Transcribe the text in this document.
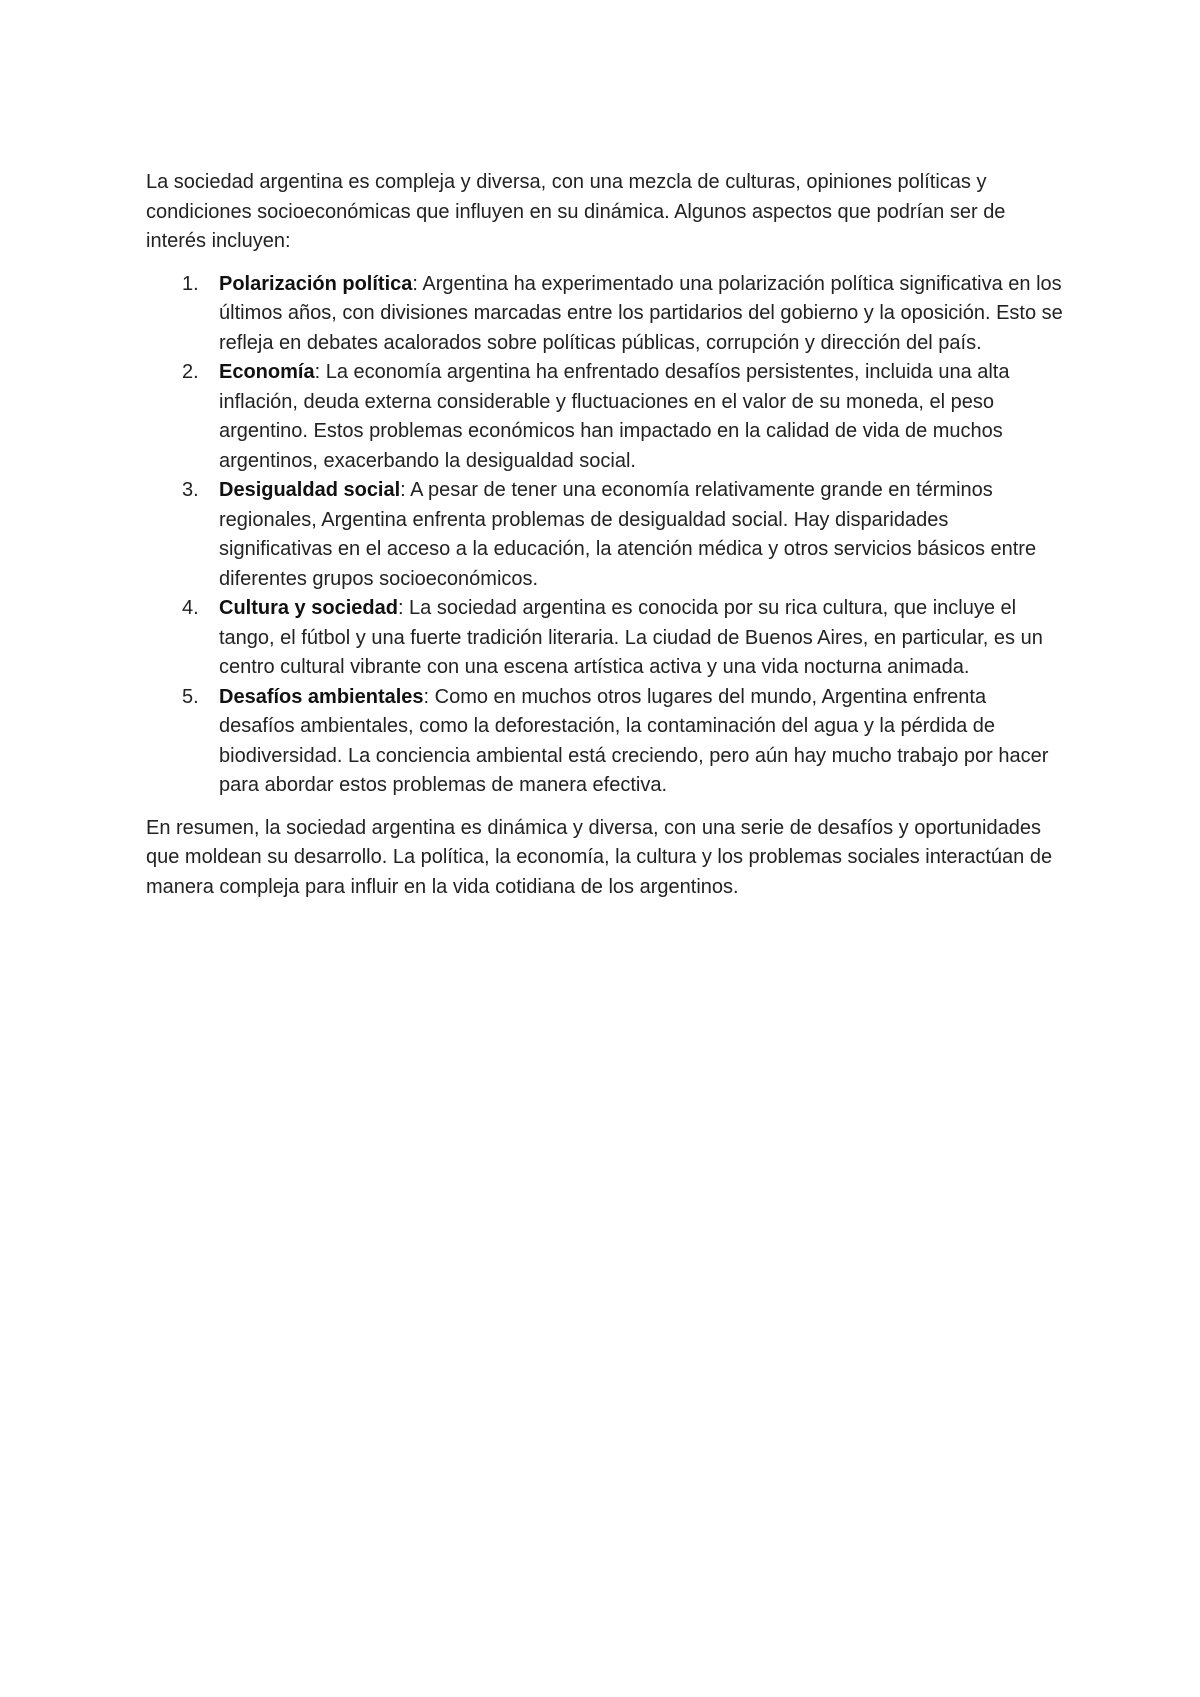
La sociedad argentina es compleja y diversa, con una mezcla de culturas, opiniones políticas y condiciones socioeconómicas que influyen en su dinámica. Algunos aspectos que podrían ser de interés incluyen:

1. Polarización política: Argentina ha experimentado una polarización política significativa en los últimos años, con divisiones marcadas entre los partidarios del gobierno y la oposición. Esto se refleja en debates acalorados sobre políticas públicas, corrupción y dirección del país.
2. Economía: La economía argentina ha enfrentado desafíos persistentes, incluida una alta inflación, deuda externa considerable y fluctuaciones en el valor de su moneda, el peso argentino. Estos problemas económicos han impactado en la calidad de vida de muchos argentinos, exacerbando la desigualdad social.
3. Desigualdad social: A pesar de tener una economía relativamente grande en términos regionales, Argentina enfrenta problemas de desigualdad social. Hay disparidades significativas en el acceso a la educación, la atención médica y otros servicios básicos entre diferentes grupos socioeconómicos.
4. Cultura y sociedad: La sociedad argentina es conocida por su rica cultura, que incluye el tango, el fútbol y una fuerte tradición literaria. La ciudad de Buenos Aires, en particular, es un centro cultural vibrante con una escena artística activa y una vida nocturna animada.
5. Desafíos ambientales: Como en muchos otros lugares del mundo, Argentina enfrenta desafíos ambientales, como la deforestación, la contaminación del agua y la pérdida de biodiversidad. La conciencia ambiental está creciendo, pero aún hay mucho trabajo por hacer para abordar estos problemas de manera efectiva.

En resumen, la sociedad argentina es dinámica y diversa, con una serie de desafíos y oportunidades que moldean su desarrollo. La política, la economía, la cultura y los problemas sociales interactúan de manera compleja para influir en la vida cotidiana de los argentinos.
